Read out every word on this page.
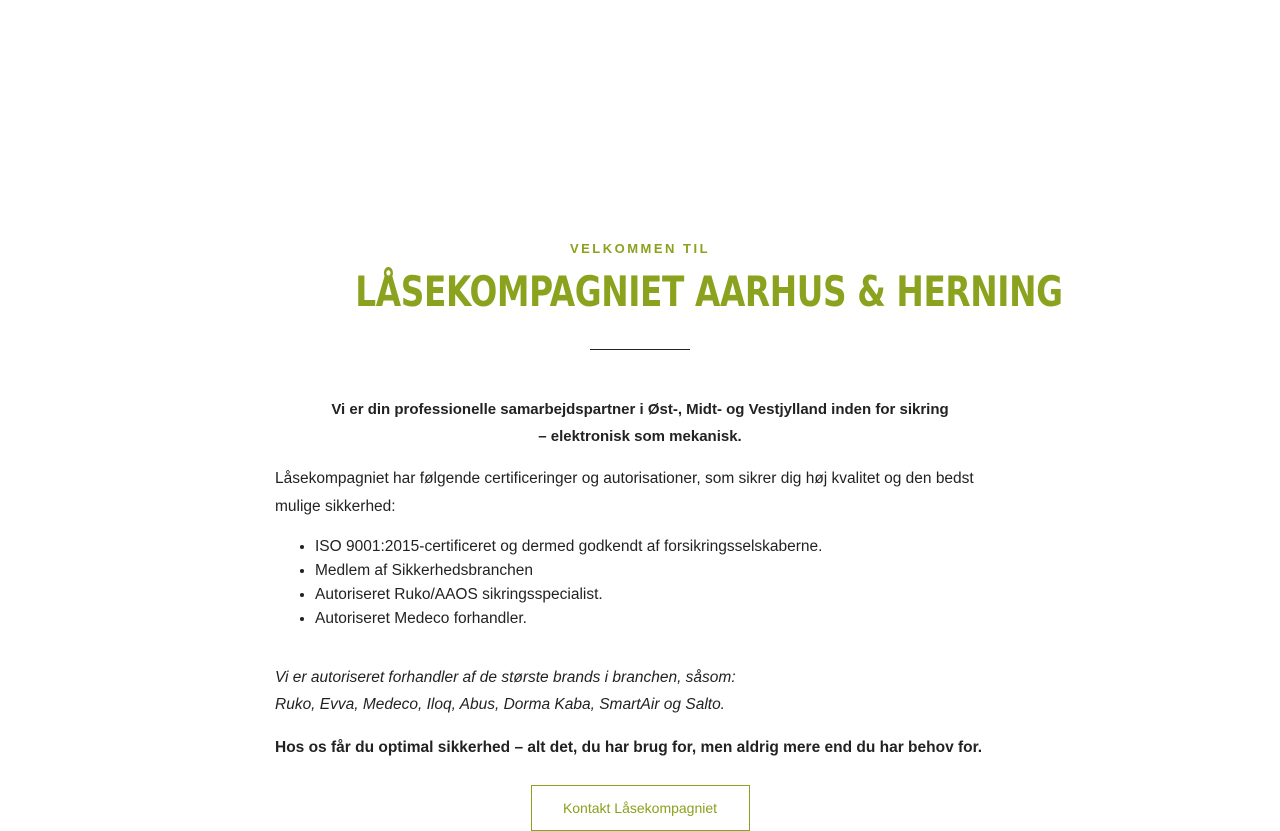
VELKOMMEN TIL

LÅSEKOMPAGNIET AARHUS & HERNING

Vi er din professionelle samarbejdspartner i Øst-, Midt- og Vestjylland inden for sikring
– elektronisk som mekanisk.

Låsekompagniet har følgende certificeringer og autorisationer, som sikrer dig høj kvalitet og den bedst mulige sikkerhed:

• ISO 9001:2015-certificeret og dermed godkendt af forsikringsselskaberne.
• Medlem af Sikkerhedsbranchen
• Autoriseret Ruko/AAOS sikringsspecialist.
• Autoriseret Medeco forhandler.

Vi er autoriseret forhandler af de største brands i branchen, såsom:
Ruko, Evva, Medeco, Iloq, Abus, Dorma Kaba, SmartAir og Salto.

Hos os får du optimal sikkerhed – alt det, du har brug for, men aldrig mere end du har behov for.

Kontakt Låsekompagniet
